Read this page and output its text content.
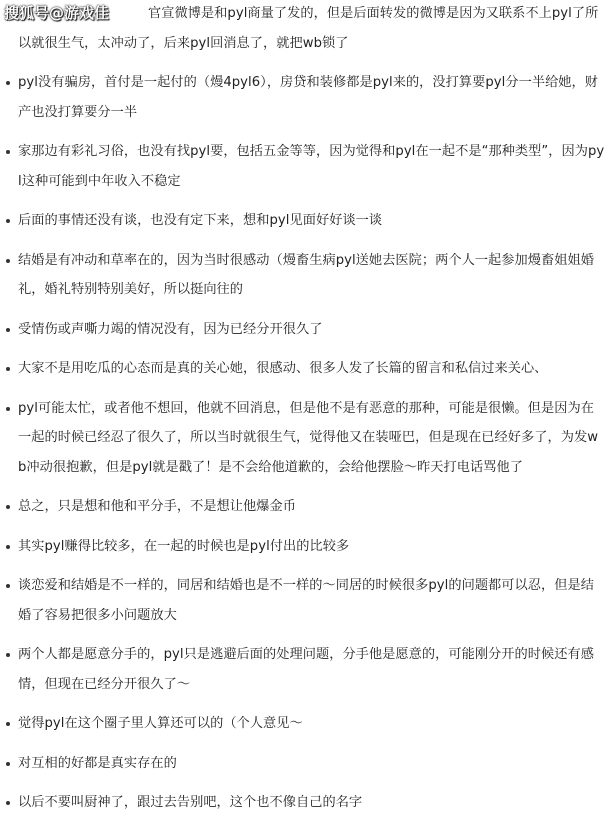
搜狐号@游戏佳	官宣微博是和pyl商量了发的，但是后面转发的微博是因为又联系不上pyl了所以就很生气，太冲动了，后来pyl回消息了，就把wb锁了
pyl没有骗房，首付是一起付的（熳4pyl6），房贷和装修都是pyl来的，没打算要pyl分一半给她，财产也没打算要分一半
家那边有彩礼习俗，也没有找pyl要，包括五金等等，因为觉得和pyl在一起不是“那种类型”，因为pyl这种可能到中年收入不稳定
后面的事情还没有谈，也没有定下来，想和pyl见面好好谈一谈
结婚是有冲动和草率在的，因为当时很感动（熳畜生病pyl送她去医院；两个人一起参加熳畜姐姐婚礼，婚礼特别特别美好，所以挺向往的
受情伤或声嘶力竭的情况没有，因为已经分开很久了
大家不是用吃瓜的心态而是真的关心她，很感动、很多人发了长篇的留言和私信过来关心、
pyl可能太忙，或者他不想回，他就不回消息，但是他不是有恶意的那种，可能是很懒。但是因为在一起的时候已经忍了很久了，所以当时就很生气，觉得他又在装哑巴，但是现在已经好多了，为发wb冲动很抱歉，但是pyl就是戳了！是不会给他道歉的，会给他摆脸～昨天打电话骂他了
总之，只是想和他和平分手，不是想让他爆金币
其实pyl赚得比较多，在一起的时候也是pyl付出的比较多
谈恋爱和结婚是不一样的，同居和结婚也是不一样的～同居的时候很多pyl的问题都可以忍，但是结婚了容易把很多小问题放大
两个人都是愿意分手的，pyl只是逃避后面的处理问题，分手他是愿意的，可能刚分开的时候还有感情，但现在已经分开很久了～
觉得pyl在这个圈子里人算还可以的（个人意见～
对互相的好都是真实存在的
以后不要叫厨神了，跟过去告别吧，这个也不像自己的名字
